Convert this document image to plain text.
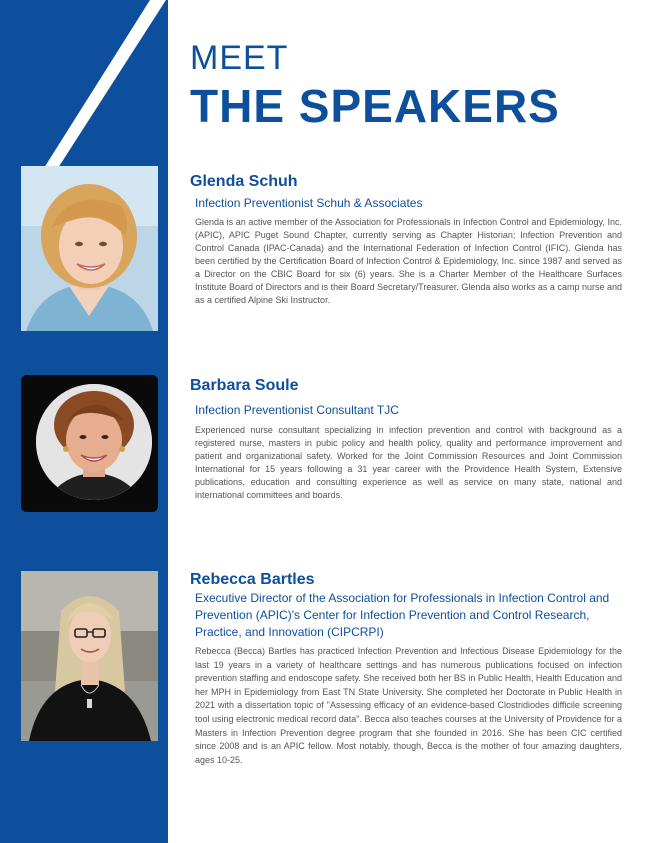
MEET
THE SPEAKERS
Glenda Schuh
Infection Preventionist Schuh & Associates
Glenda is an active member of the Association for Professionals in Infection Control and Epidemiology, Inc. (APIC), APIC Puget Sound Chapter, currently serving as Chapter Historian; Infection Prevention and Control Canada (IPAC-Canada) and the International Federation of Infection Control (IFIC). Glenda has been certified by the Certification Board of Infection Control & Epidemiology, Inc. since 1987 and served as a Director on the CBIC Board for six (6) years. She is a Charter Member of the Healthcare Surfaces Institute Board of Directors and is their Board Secretary/Treasurer. Glenda also works as a camp nurse and as a certified Alpine Ski Instructor.
Barbara Soule
Infection Preventionist Consultant TJC
Experienced nurse consultant specializing in infection prevention and control with background as a registered nurse, masters in pubic policy and health policy, quality and performance improvement and patient and organizational safety. Worked for the Joint Commission Resources and Joint Commission International for 15 years following a 31 year career with the Providence Health System, Extensive publications, education and consulting experience as well as service on many state, national and international committees and boards.
Rebecca Bartles
Executive Director of the Association for Professionals in Infection Control and Prevention (APIC)'s Center for Infection Prevention and Control Research, Practice, and Innovation (CIPCRPI)
Rebecca (Becca) Bartles has practiced Infection Prevention and Infectious Disease Epidemiology for the last 19 years in a variety of healthcare settings and has numerous publications focused on infection prevention staffing and endoscope safety. She received both her BS in Public Health, Health Education and her MPH in Epidemiology from East TN State University. She completed her Doctorate in Public Health in 2021 with a dissertation topic of "Assessing efficacy of an evidence-based Clostridiodes difficile screening tool using electronic medical record data". Becca also teaches courses at the University of Providence for a Masters in Infection Prevention degree program that she founded in 2016. She has been CIC certified since 2008 and is an APIC fellow. Most notably, though, Becca is the mother of four amazing daughters, ages 10-25.
